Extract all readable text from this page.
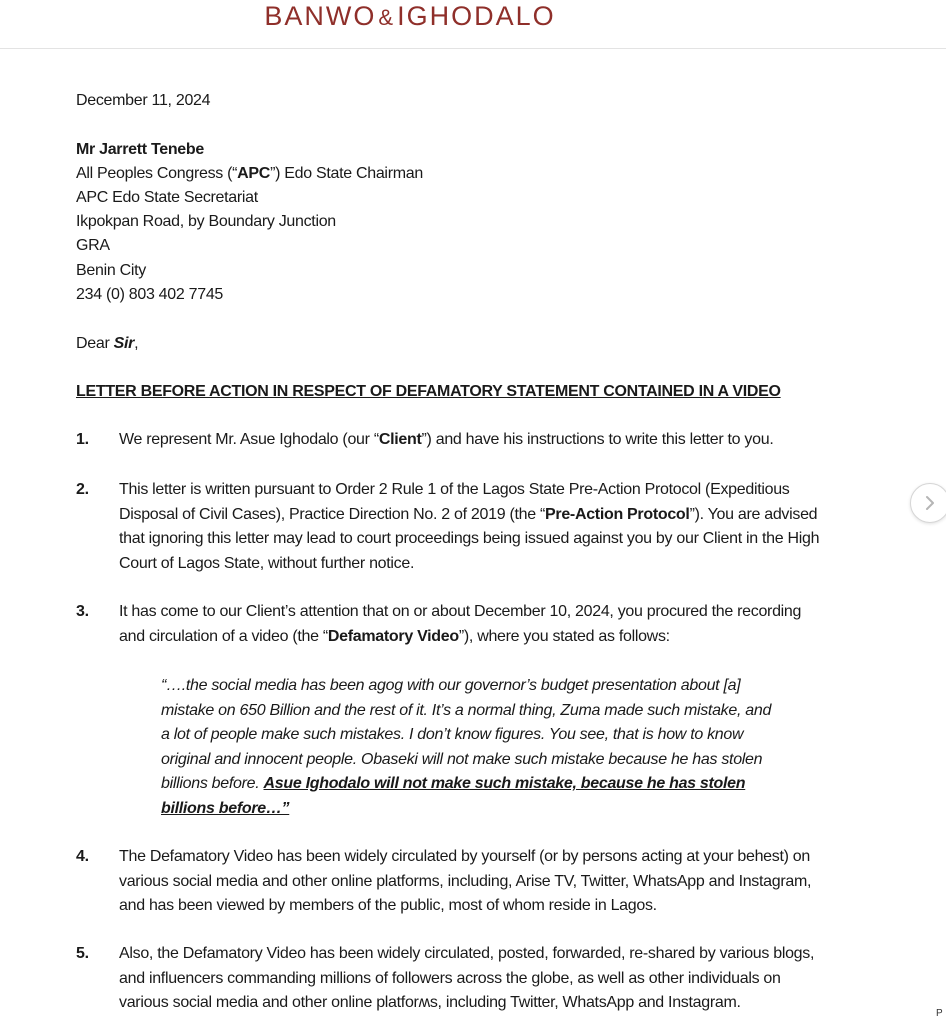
BANWO&IGHODALO
December 11, 2024
Mr Jarrett Tenebe
All Peoples Congress (“APC”) Edo State Chairman
APC Edo State Secretariat
Ikpokpan Road, by Boundary Junction
GRA
Benin City
234 (0) 803 402 7745
Dear Sir,
LETTER BEFORE ACTION IN RESPECT OF DEFAMATORY STATEMENT CONTAINED IN A VIDEO
1. We represent Mr. Asue Ighodalo (our “Client”) and have his instructions to write this letter to you.
2. This letter is written pursuant to Order 2 Rule 1 of the Lagos State Pre-Action Protocol (Expeditious
Disposal of Civil Cases), Practice Direction No. 2 of 2019 (the “Pre-Action Protocol”). You are advised
that ignoring this letter may lead to court proceedings being issued against you by our Client in the High
Court of Lagos State, without further notice.
3. It has come to our Client’s attention that on or about December 10, 2024, you procured the recording
and circulation of a video (the “Defamatory Video”), where you stated as follows:
“….the social media has been agog with our governor’s budget presentation about [a]
mistake on 650 Billion and the rest of it. It’s a normal thing, Zuma made such mistake, and
a lot of people make such mistakes. I don’t know figures. You see, that is how to know
original and innocent people. Obaseki will not make such mistake because he has stolen
billions before. Asue Ighodalo will not make such mistake, because he has stolen
billions before…”
4. The Defamatory Video has been widely circulated by yourself (or by persons acting at your behest) on
various social media and other online platforms, including, Arise TV, Twitter, WhatsApp and Instagram,
and has been viewed by members of the public, most of whom reside in Lagos.
5. Also, the Defamatory Video has been widely circulated, posted, forwarded, re-shared by various blogs,
and influencers commanding millions of followers across the globe, as well as other individuals on
various social media and other online platforʍs, including Twitter, WhatsApp and Instagram.
P
